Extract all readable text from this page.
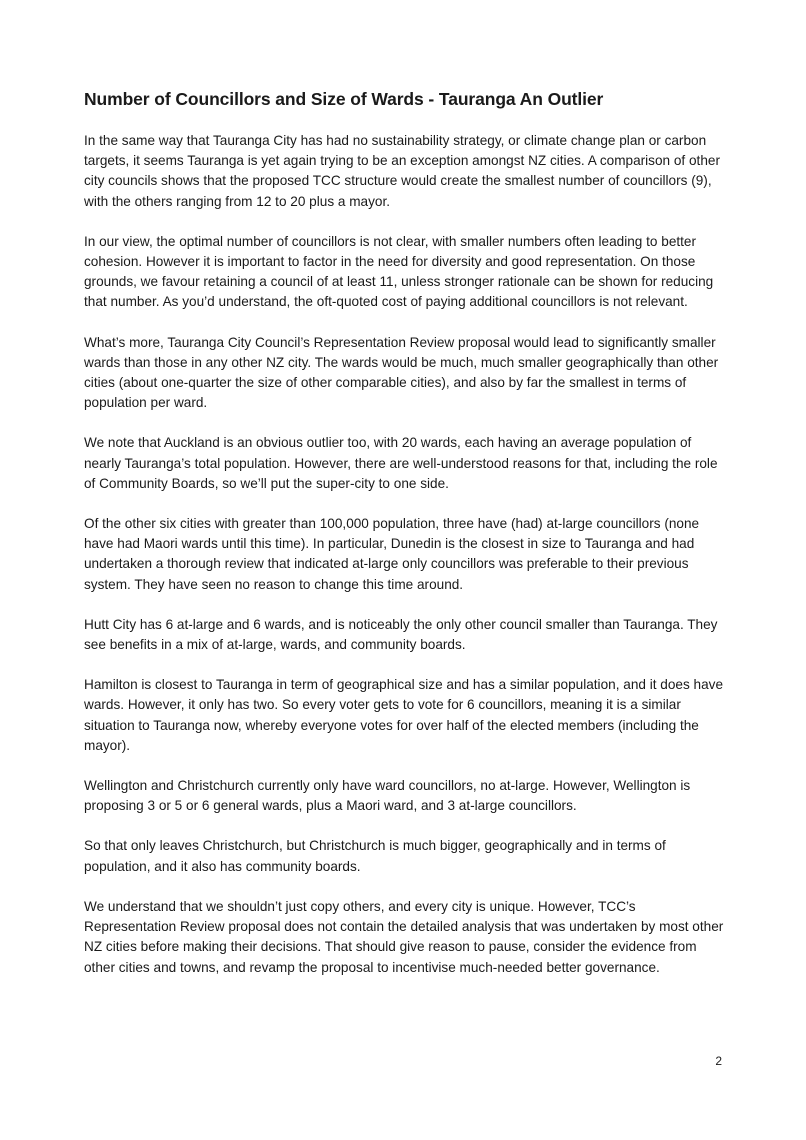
Number of Councillors and Size of Wards - Tauranga An Outlier

In the same way that Tauranga City has had no sustainability strategy, or climate change plan or carbon targets, it seems Tauranga is yet again trying to be an exception amongst NZ cities. A comparison of other city councils shows that the proposed TCC structure would create the smallest number of councillors (9), with the others ranging from 12 to 20 plus a mayor.

In our view, the optimal number of councillors is not clear, with smaller numbers often leading to better cohesion. However it is important to factor in the need for diversity and good representation. On those grounds, we favour retaining a council of at least 11, unless stronger rationale can be shown for reducing that number. As you’d understand, the oft-quoted cost of paying additional councillors is not relevant.

What’s more, Tauranga City Council’s Representation Review proposal would lead to significantly smaller wards than those in any other NZ city. The wards would be much, much smaller geographically than other cities (about one-quarter the size of other comparable cities), and also by far the smallest in terms of population per ward.

We note that Auckland is an obvious outlier too, with 20 wards, each having an average population of nearly Tauranga’s total population. However, there are well-understood reasons for that, including the role of Community Boards, so we’ll put the super-city to one side.

Of the other six cities with greater than 100,000 population, three have (had) at-large councillors (none have had Maori wards until this time). In particular, Dunedin is the closest in size to Tauranga and had undertaken a thorough review that indicated at-large only councillors was preferable to their previous system. They have seen no reason to change this time around.

Hutt City has 6 at-large and 6 wards, and is noticeably the only other council smaller than Tauranga. They see benefits in a mix of at-large, wards, and community boards.

Hamilton is closest to Tauranga in term of geographical size and has a similar population, and it does have wards. However, it only has two. So every voter gets to vote for 6 councillors, meaning it is a similar situation to Tauranga now, whereby everyone votes for over half of the elected members (including the mayor).

Wellington and Christchurch currently only have ward councillors, no at-large. However, Wellington is proposing 3 or 5 or 6 general wards, plus a Maori ward, and 3 at-large councillors.

So that only leaves Christchurch, but Christchurch is much bigger, geographically and in terms of population, and it also has community boards.

We understand that we shouldn’t just copy others, and every city is unique. However, TCC’s Representation Review proposal does not contain the detailed analysis that was undertaken by most other NZ cities before making their decisions. That should give reason to pause, consider the evidence from other cities and towns, and revamp the proposal to incentivise much-needed better governance.

2
